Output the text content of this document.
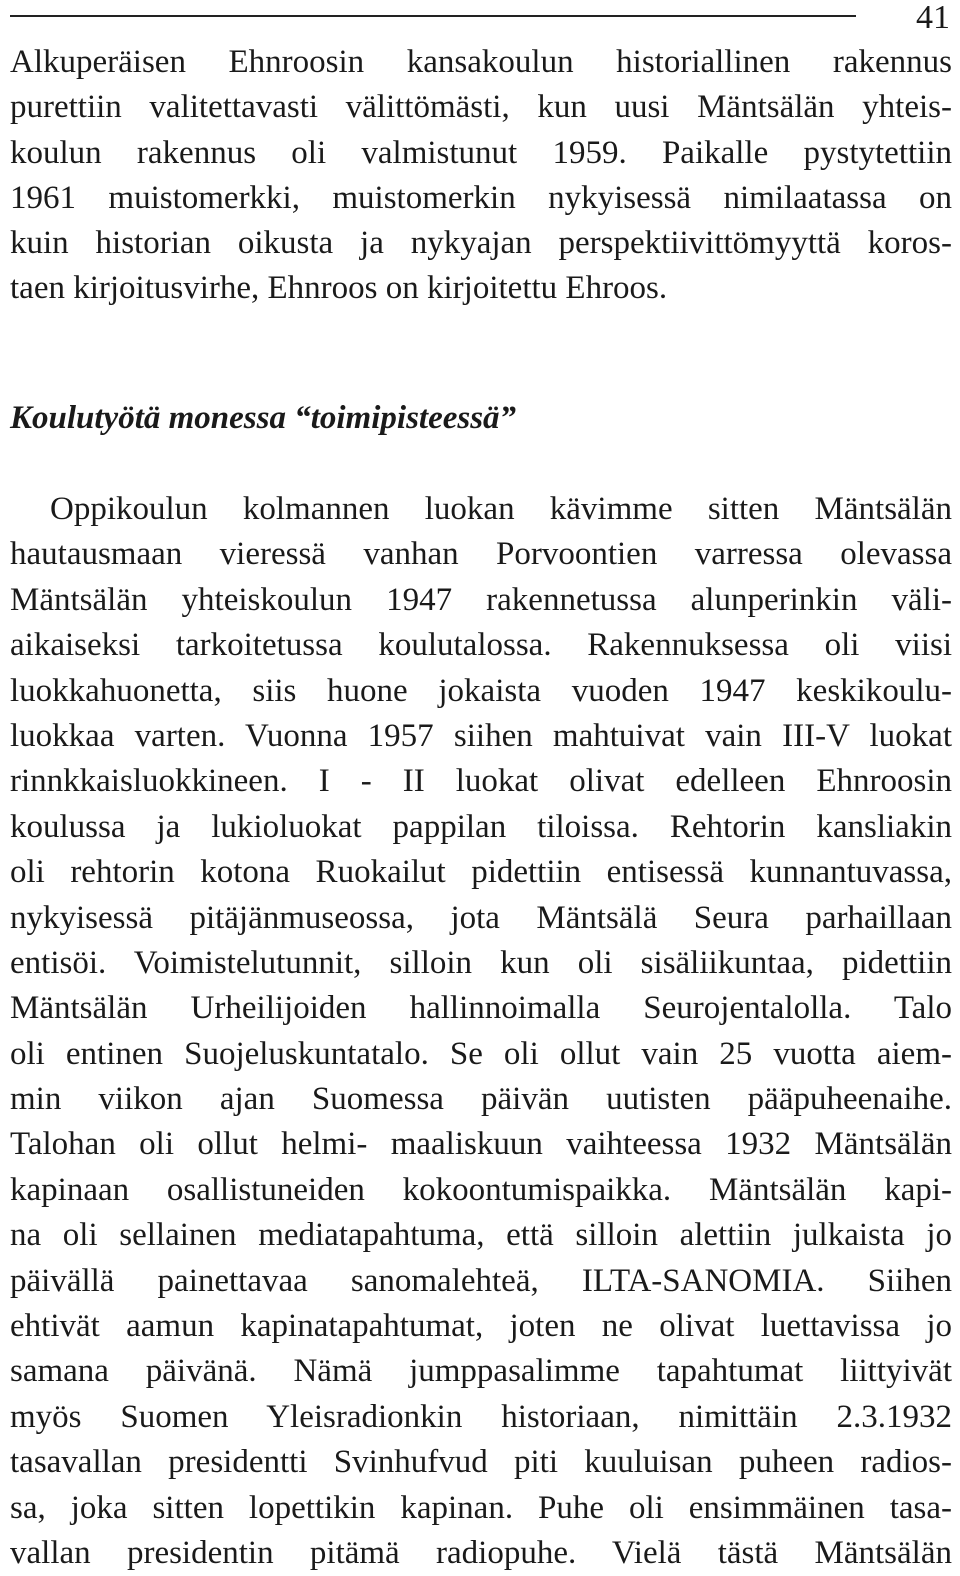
41
Alkuperäisen Ehnroosin kansakoulun historiallinen rakennus
purettiin valitettavasti välittömästi, kun uusi Mäntsälän yhteis-
koulun rakennus oli valmistunut 1959. Paikalle pystytettiin
1961 muistomerkki, muistomerkin nykyisessä nimilaatassa on
kuin historian oikusta ja nykyajan perspektiivittömyyttä koros-
taen kirjoitusvirhe, Ehnroos on kirjoitettu Ehroos.
Koulutyötä monessa “toimipisteessä”
Oppikoulun kolmannen luokan kävimme sitten Mäntsälän
hautausmaan vieressä vanhan Porvoontien varressa olevassa
Mäntsälän yhteiskoulun 1947 rakennetussa alunperinkin väli-
aikaiseksi tarkoitetussa koulutalossa. Rakennuksessa oli viisi
luokkahuonetta, siis huone jokaista vuoden 1947 keskikoulu-
luokkaa varten. Vuonna 1957 siihen mahtuivat vain III-V luokat
rinnkkaisluokkineen. I - II luokat olivat edelleen Ehnroosin
koulussa ja lukioluokat pappilan tiloissa. Rehtorin kansliakin
oli rehtorin kotona Ruokailut pidettiin entisessä kunnantuvassa,
nykyisessä pitäjänmuseossa, jota Mäntsälä Seura parhaillaan
entisöi. Voimistelutunnit, silloin kun oli sisäliikuntaa, pidettiin
Mäntsälän Urheilijoiden hallinnoimalla Seurojentalolla. Talo
oli entinen Suojeluskuntatalo. Se oli ollut vain 25 vuotta aiem-
min viikon ajan Suomessa päivän uutisten pääpuheenaihe.
Talohan oli ollut helmi- maaliskuun vaihteessa 1932 Mäntsälän
kapinaan osallistuneiden kokoontumispaikka. Mäntsälän kapi-
na oli sellainen mediatapahtuma, että silloin alettiin julkaista jo
päivällä painettavaa sanomalehteä, ILTA-SANOMIA. Siihen
ehtivät aamun kapinatapahtumat, joten ne olivat luettavissa jo
samana päivänä. Nämä jumppasalimme tapahtumat liittyivät
myös Suomen Yleisradionkin historiaan, nimittäin 2.3.1932
tasavallan presidentti Svinhufvud piti kuuluisan puheen radios-
sa, joka sitten lopettikin kapinan. Puhe oli ensimmäinen tasa-
vallan presidentin pitämä radiopuhe. Vielä tästä Mäntsälän
